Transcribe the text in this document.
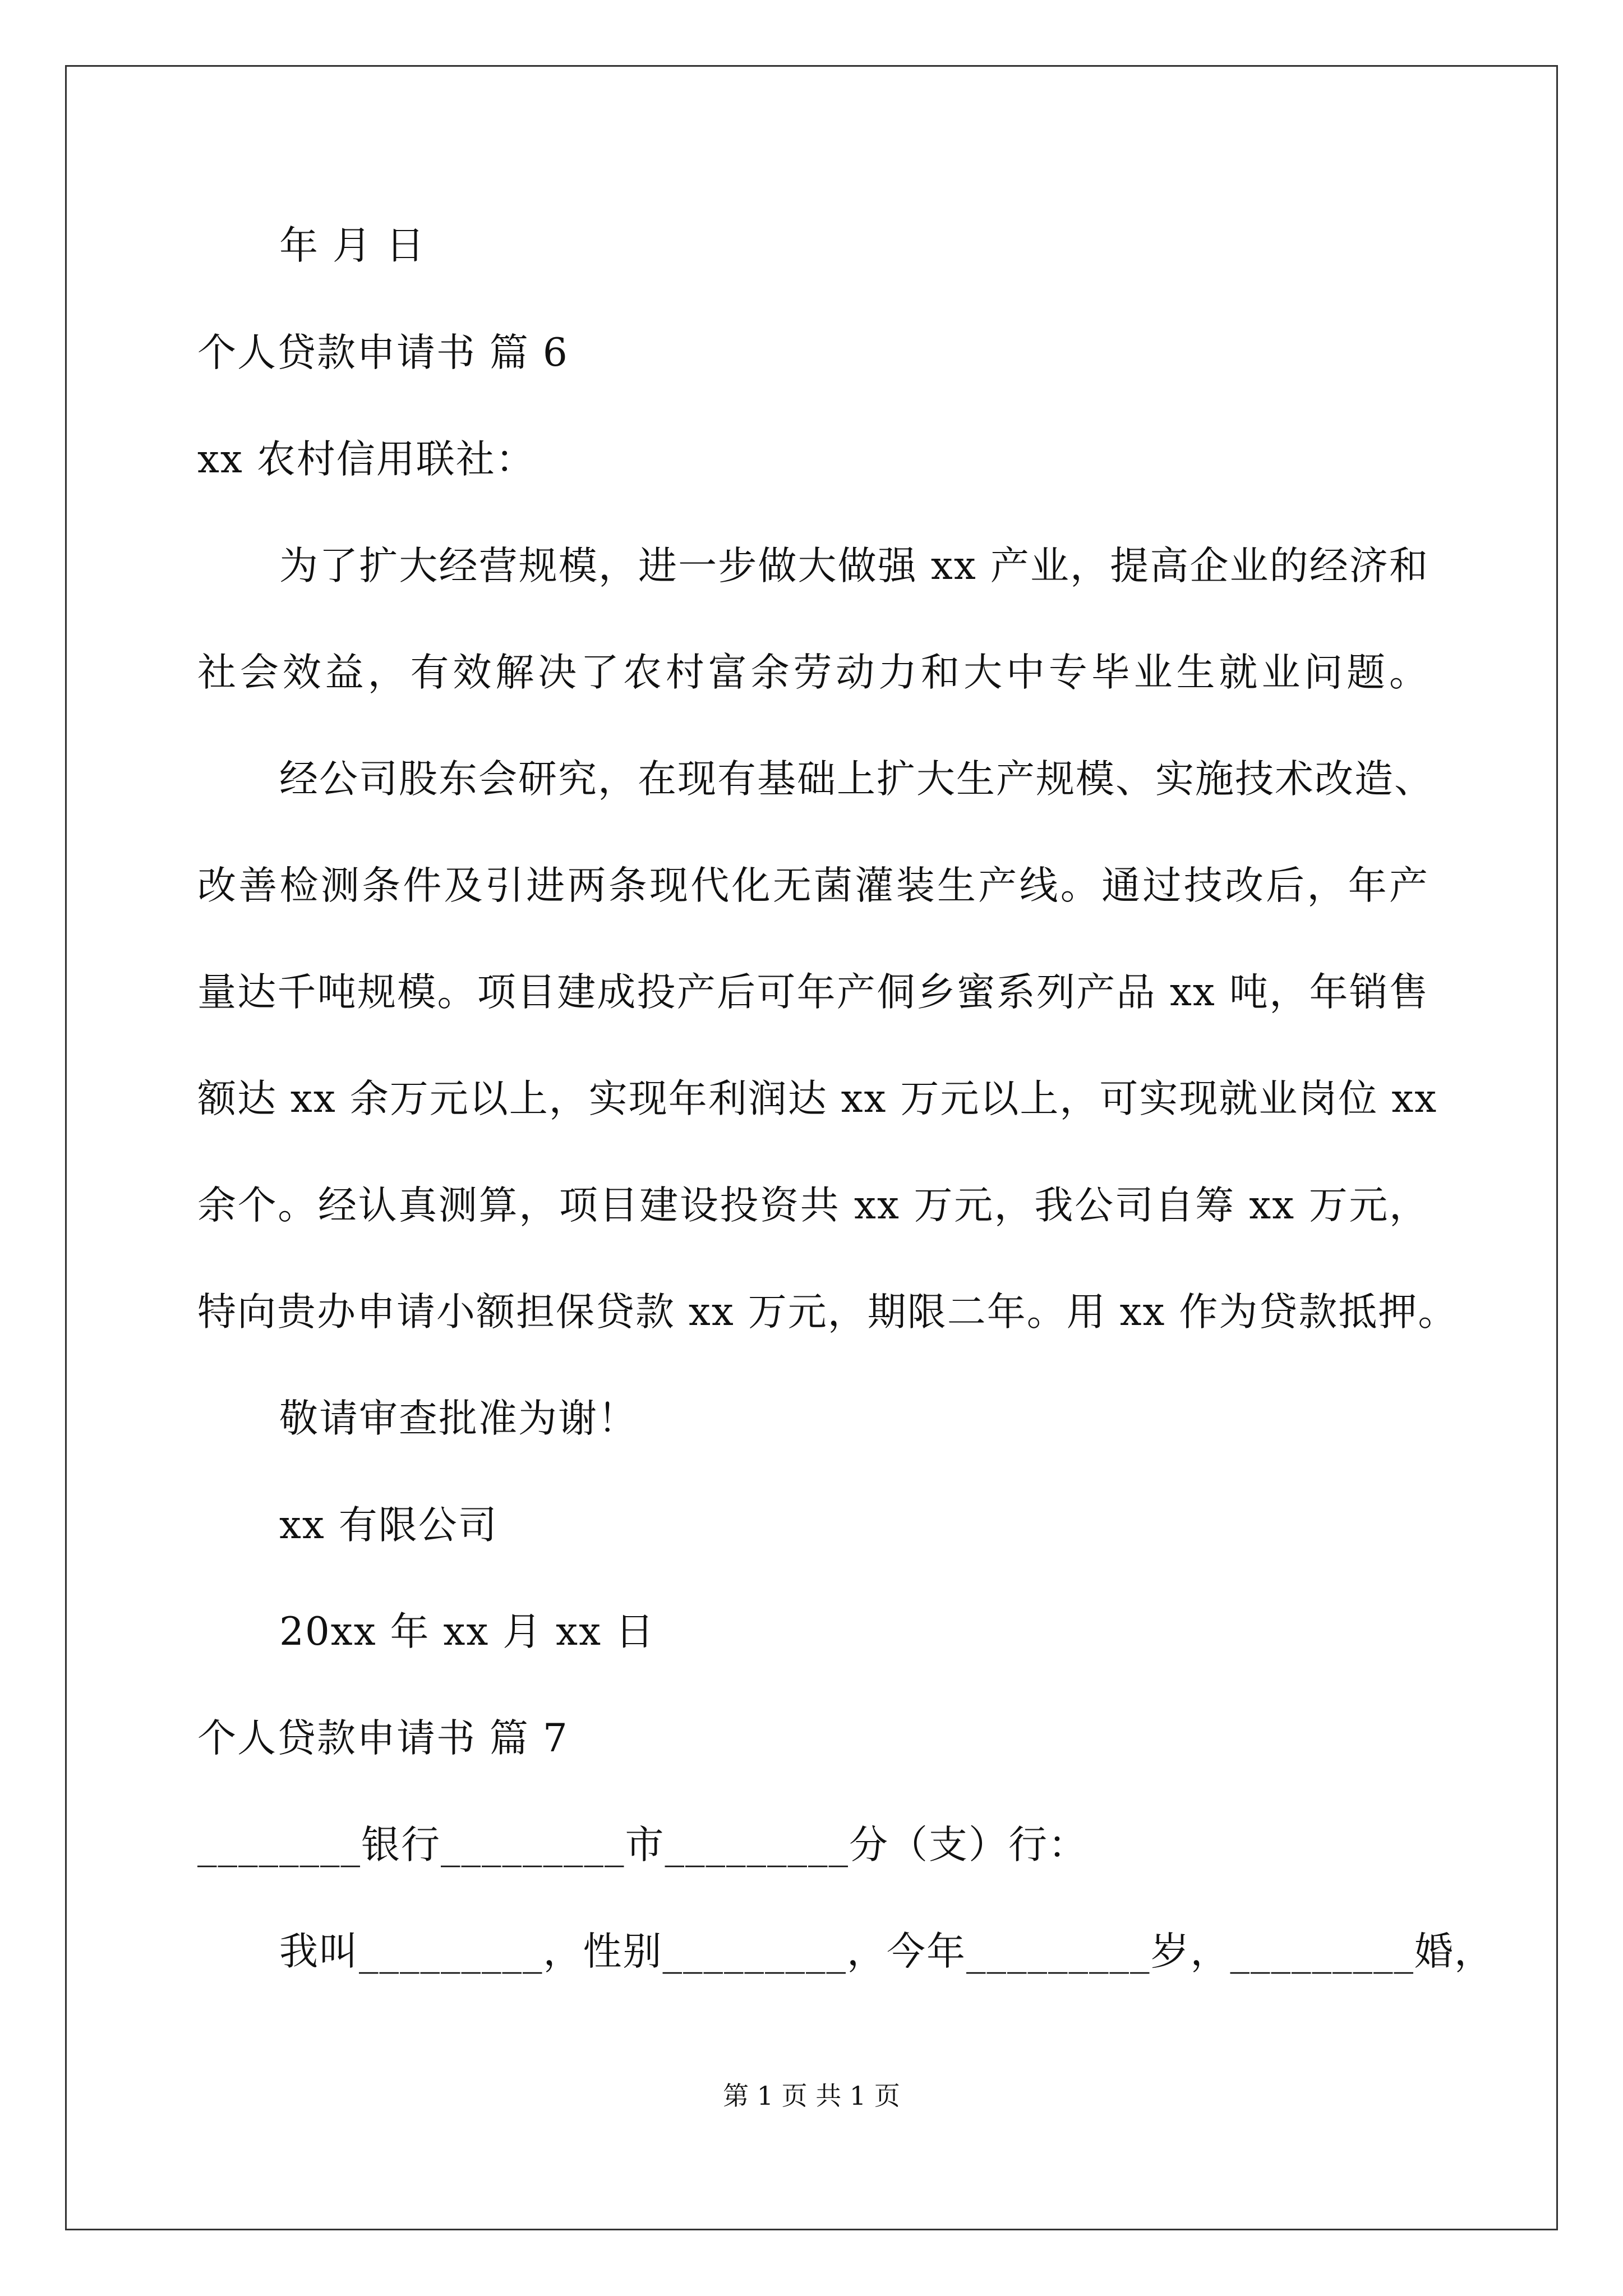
年 月 日
个人贷款申请书 篇 6
xx 农村信用联社：
为了扩大经营规模，进一步做大做强 xx 产业，提高企业的经济和
社会效益，有效解决了农村富余劳动力和大中专毕业生就业问题。
经公司股东会研究，在现有基础上扩大生产规模、实施技术改造、
改善检测条件及引进两条现代化无菌灌装生产线。通过技改后，年产
量达千吨规模。项目建成投产后可年产侗乡蜜系列产品 xx 吨，年销售
额达 xx 余万元以上，实现年利润达 xx 万元以上，可实现就业岗位 xx
余个。经认真测算，项目建设投资共 xx 万元，我公司自筹 xx 万元，
特向贵办申请小额担保贷款 xx 万元，期限二年。用 xx 作为贷款抵押。
敬请审查批准为谢！
xx 有限公司
20xx 年 xx 月 xx 日
个人贷款申请书 篇 7
________银行_________市_________分（支）行：
我叫_________，性别_________，今年_________岁，_________婚，
第 1 页 共 1 页
